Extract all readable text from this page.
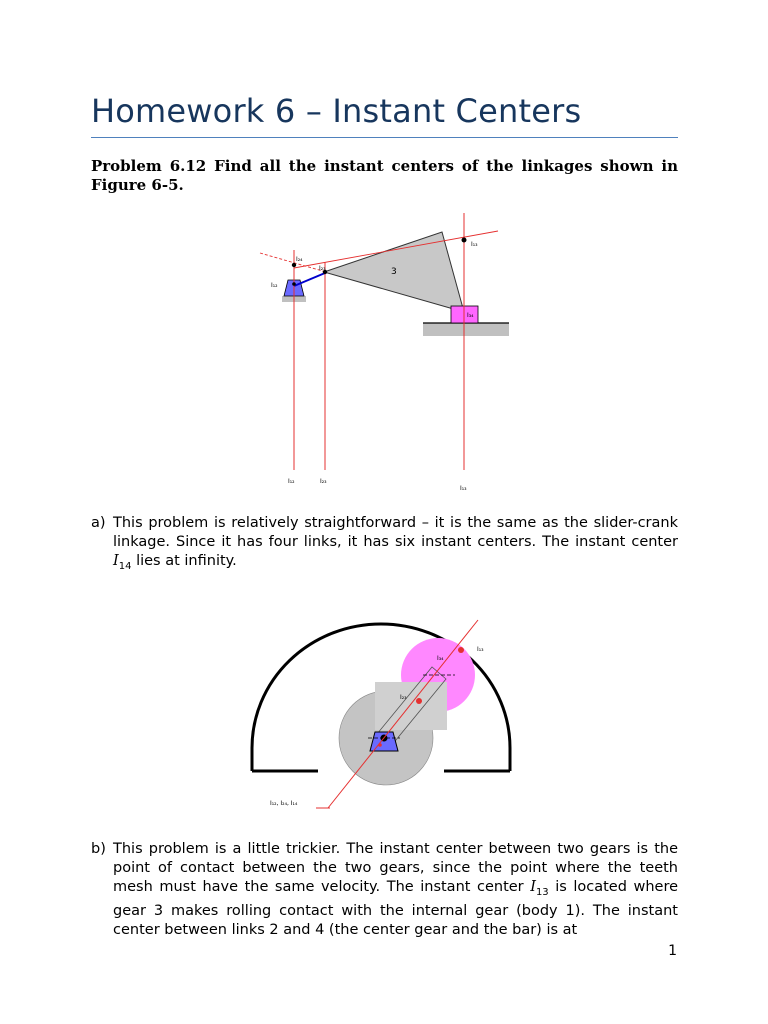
Homework 6 – Instant Centers
Problem 6.12 Find all the instant centers of the linkages shown in Figure 6-5.
3
I₁₂
I₂₄
I₂₃
I₁₃
I₃₄
I₁₂	I₂₃
I₁₃
a) This problem is relatively straightforward – it is the same as the slider-crank linkage. Since it has four links, it has six instant centers. The instant center $I_{14}$ lies at infinity.
I₁₃
I₃₄
I₂₃
I₁₂, I₂₄, I₁₄
b) This problem is a little trickier. The instant center between two gears is the point of contact between the two gears, since the point where the teeth mesh must have the same velocity. The instant center $I_{13}$ is located where gear 3 makes rolling contact with the internal gear (body 1). The instant center between links 2 and 4 (the center gear and the bar) is at
1
